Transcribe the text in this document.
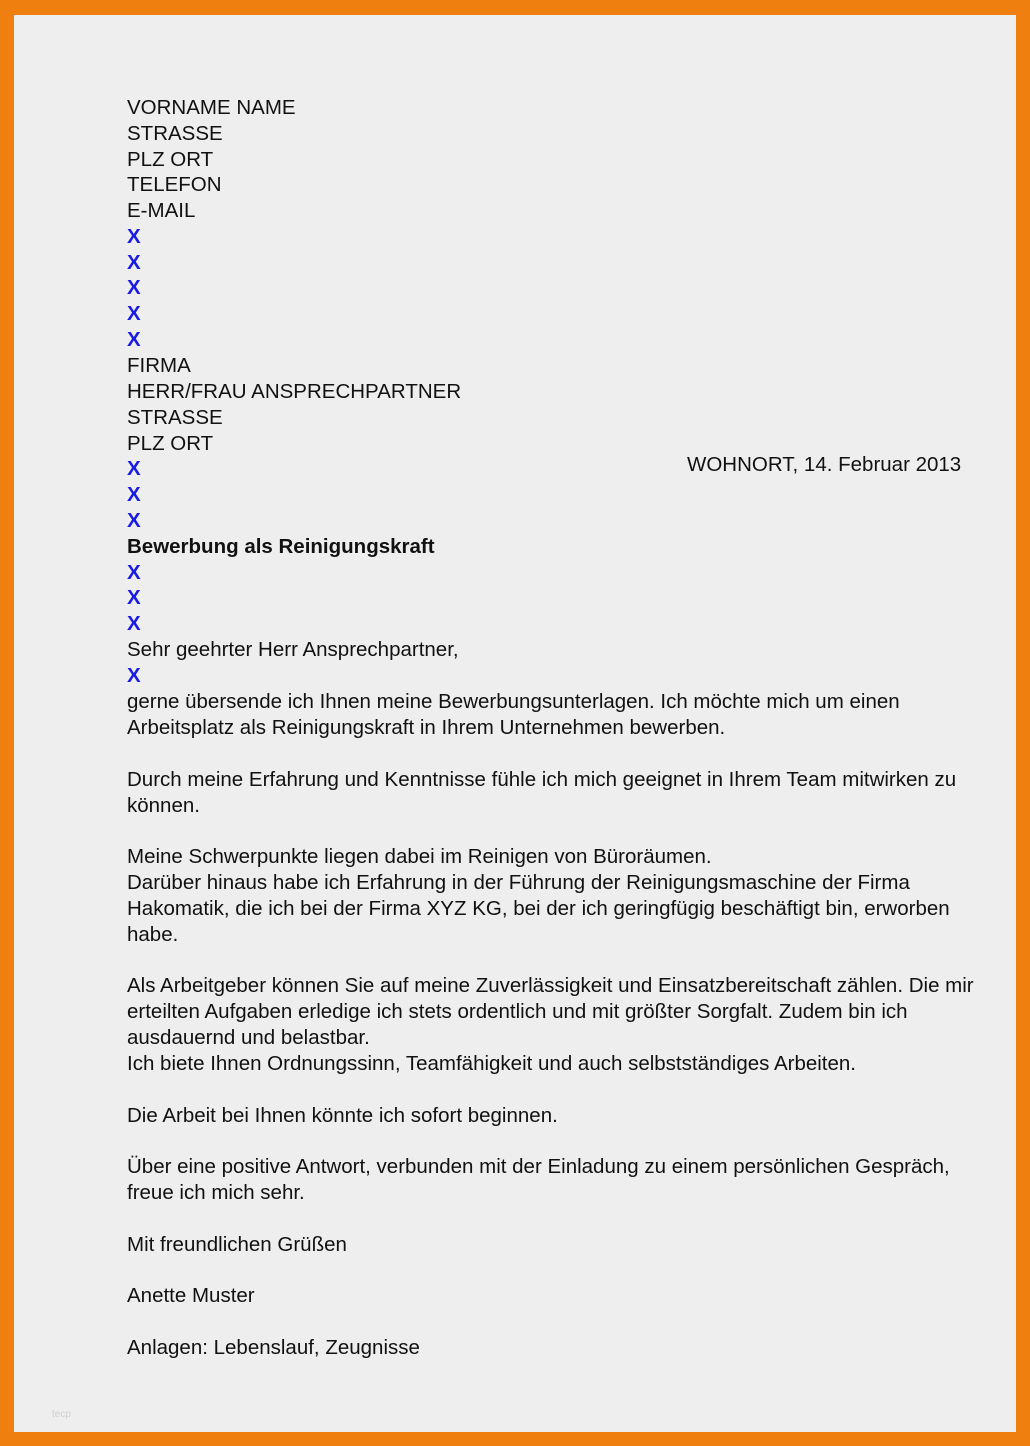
VORNAME NAME

STRASSE

PLZ ORT

TELEFON

E-MAIL

X

X

X

X

X

FIRMA

HERR/FRAU ANSPRECHPARTNER

STRASSE

PLZ ORT

WOHNORT, 14. Februar 2013

X

X

X

Bewerbung als Reinigungskraft

X

X

X

Sehr geehrter Herr Ansprechpartner,

X

gerne übersende ich Ihnen meine Bewerbungsunterlagen. Ich möchte mich um einen

Arbeitsplatz als Reinigungskraft in Ihrem Unternehmen bewerben.

Durch meine Erfahrung und Kenntnisse fühle ich mich geeignet in Ihrem Team mitwirken zu

können.

Meine Schwerpunkte liegen dabei im Reinigen von Büroräumen.

Darüber hinaus habe ich Erfahrung in der Führung der Reinigungsmaschine der Firma

Hakomatik, die ich bei der Firma XYZ KG, bei der ich geringfügig beschäftigt bin, erworben

habe.

Als Arbeitgeber können Sie auf meine Zuverlässigkeit und Einsatzbereitschaft zählen. Die mir

erteilten Aufgaben erledige ich stets ordentlich und mit größter Sorgfalt. Zudem bin ich

ausdauernd und belastbar.

Ich biete Ihnen Ordnungssinn, Teamfähigkeit und auch selbstständiges Arbeiten.

Die Arbeit bei Ihnen könnte ich sofort beginnen.

Über eine positive Antwort, verbunden mit der Einladung zu einem persönlichen Gespräch,

freue ich mich sehr.

Mit freundlichen Grüßen

Anette Muster

Anlagen: Lebenslauf, Zeugnisse

tecp
